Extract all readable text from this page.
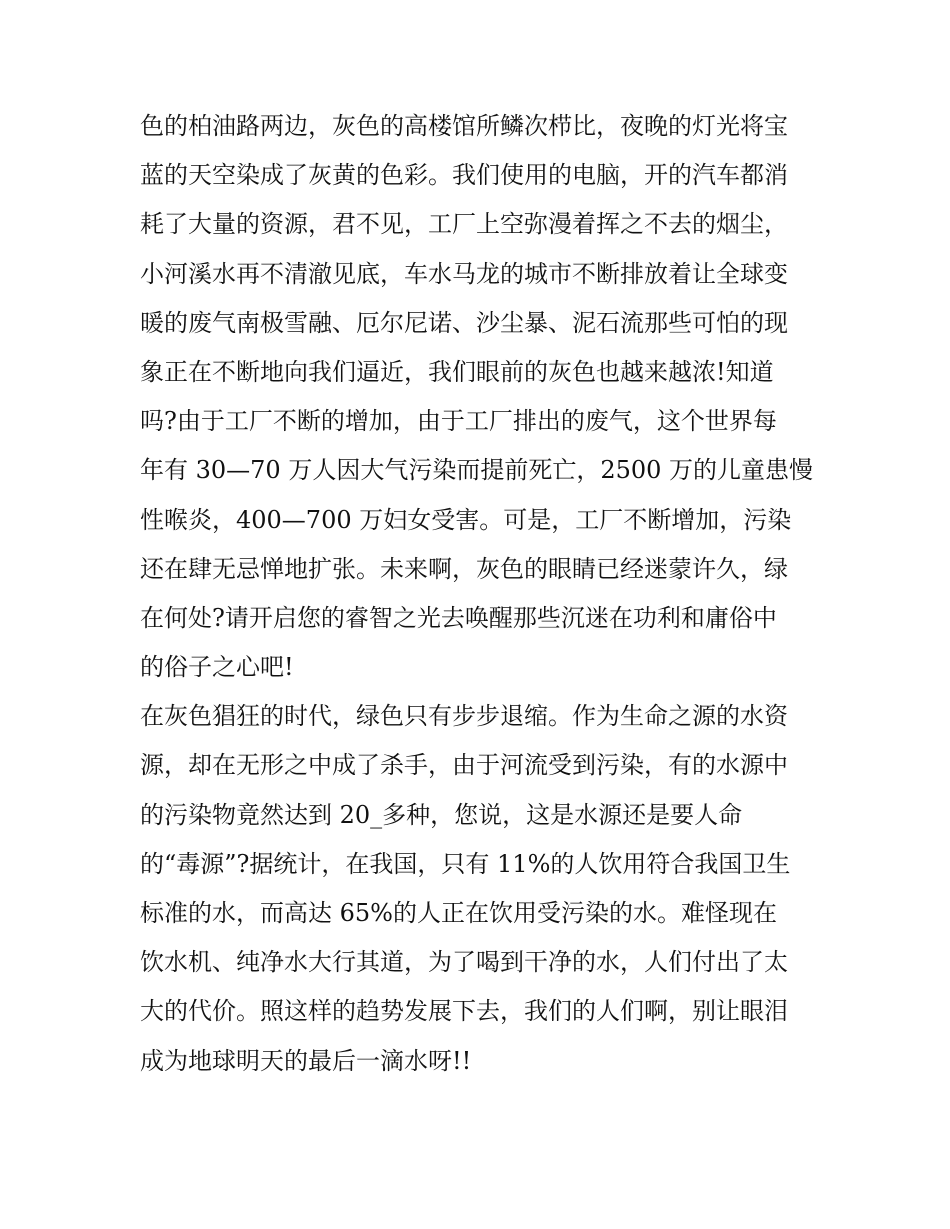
色的柏油路两边，灰色的高楼馆所鳞次栉比，夜晚的灯光将宝
蓝的天空染成了灰黄的色彩。我们使用的电脑，开的汽车都消
耗了大量的资源，君不见，工厂上空弥漫着挥之不去的烟尘，
小河溪水再不清澈见底，车水马龙的城市不断排放着让全球变
暖的废气南极雪融、厄尔尼诺、沙尘暴、泥石流那些可怕的现
象正在不断地向我们逼近，我们眼前的灰色也越来越浓!知道
吗?由于工厂不断的增加，由于工厂排出的废气，这个世界每
年有 30—70 万人因大气污染而提前死亡，2500 万的儿童患慢
性喉炎，400—700 万妇女受害。可是，工厂不断增加，污染
还在肆无忌惮地扩张。未来啊，灰色的眼睛已经迷蒙许久，绿
在何处?请开启您的睿智之光去唤醒那些沉迷在功利和庸俗中
的俗子之心吧!
在灰色猖狂的时代，绿色只有步步退缩。作为生命之源的水资
源，却在无形之中成了杀手，由于河流受到污染，有的水源中
的污染物竟然达到 20_多种，您说，这是水源还是要人命
的“毒源”?据统计，在我国，只有 11%的人饮用符合我国卫生
标准的水，而高达 65%的人正在饮用受污染的水。难怪现在
饮水机、纯净水大行其道，为了喝到干净的水，人们付出了太
大的代价。照这样的趋势发展下去，我们的人们啊，别让眼泪
成为地球明天的最后一滴水呀!!
